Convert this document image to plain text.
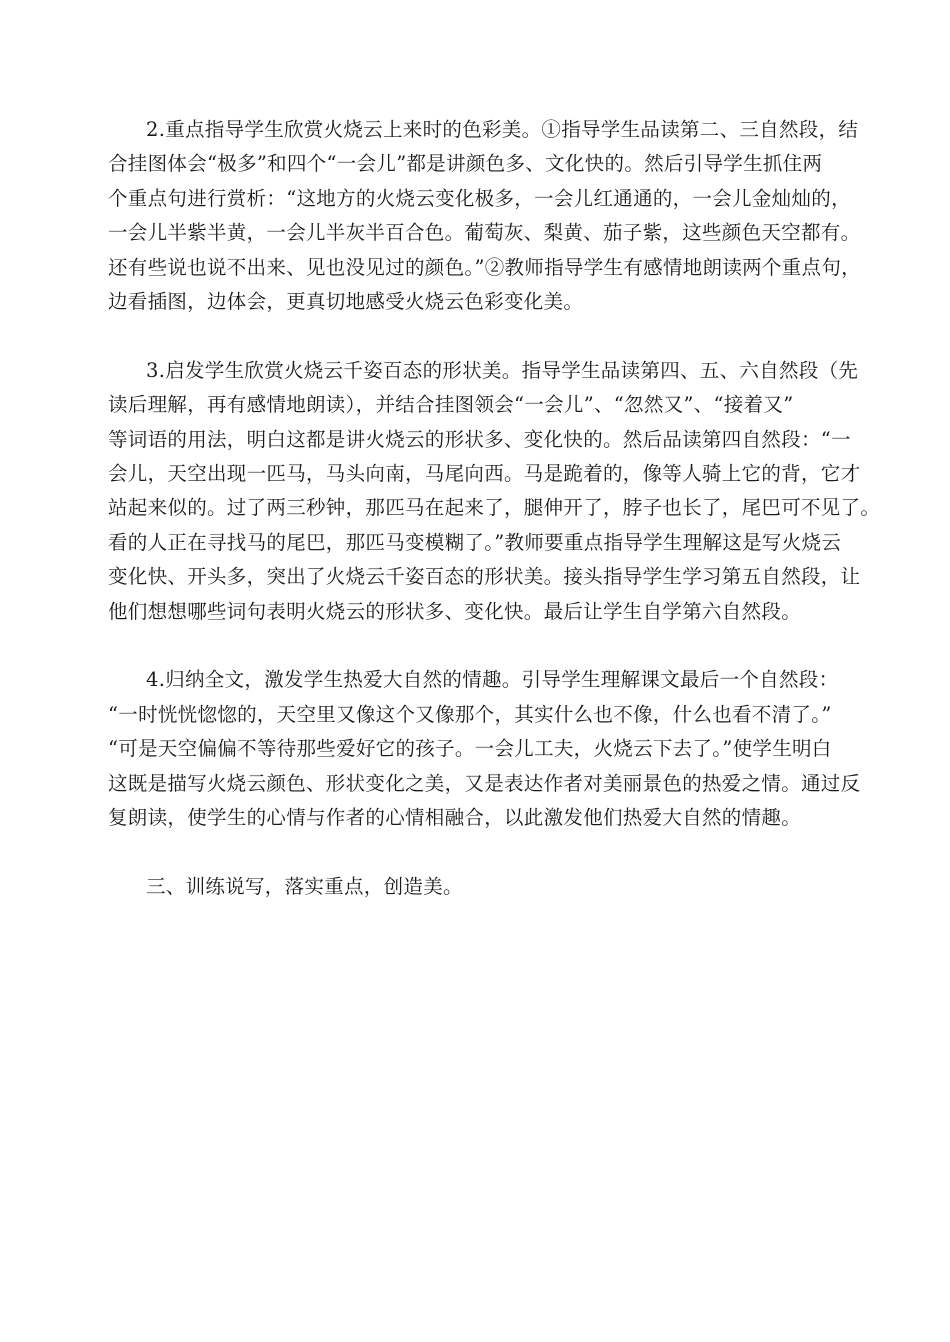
2.重点指导学生欣赏火烧云上来时的色彩美。①指导学生品读第二、三自然段，结
合挂图体会“极多”和四个“一会儿”都是讲颜色多、文化快的。然后引导学生抓住两
个重点句进行赏析：“这地方的火烧云变化极多，一会儿红通通的，一会儿金灿灿的，
一会儿半紫半黄，一会儿半灰半百合色。葡萄灰、梨黄、茄子紫，这些颜色天空都有。
还有些说也说不出来、见也没见过的颜色。”②教师指导学生有感情地朗读两个重点句，
边看插图，边体会，更真切地感受火烧云色彩变化美。
3.启发学生欣赏火烧云千姿百态的形状美。指导学生品读第四、五、六自然段（先
读后理解，再有感情地朗读），并结合挂图领会“一会儿”、“忽然又”、“接着又”
等词语的用法，明白这都是讲火烧云的形状多、变化快的。然后品读第四自然段：“一
会儿，天空出现一匹马，马头向南，马尾向西。马是跪着的，像等人骑上它的背，它才
站起来似的。过了两三秒钟，那匹马在起来了，腿伸开了，脖子也长了，尾巴可不见了。
看的人正在寻找马的尾巴，那匹马变模糊了。”教师要重点指导学生理解这是写火烧云
变化快、开头多，突出了火烧云千姿百态的形状美。接头指导学生学习第五自然段，让
他们想想哪些词句表明火烧云的形状多、变化快。最后让学生自学第六自然段。
4.归纳全文，激发学生热爱大自然的情趣。引导学生理解课文最后一个自然段：
“一时恍恍惚惚的，天空里又像这个又像那个，其实什么也不像，什么也看不清了。”
“可是天空偏偏不等待那些爱好它的孩子。一会儿工夫，火烧云下去了。”使学生明白
这既是描写火烧云颜色、形状变化之美，又是表达作者对美丽景色的热爱之情。通过反
复朗读，使学生的心情与作者的心情相融合，以此激发他们热爱大自然的情趣。
三、训练说写，落实重点，创造美。
